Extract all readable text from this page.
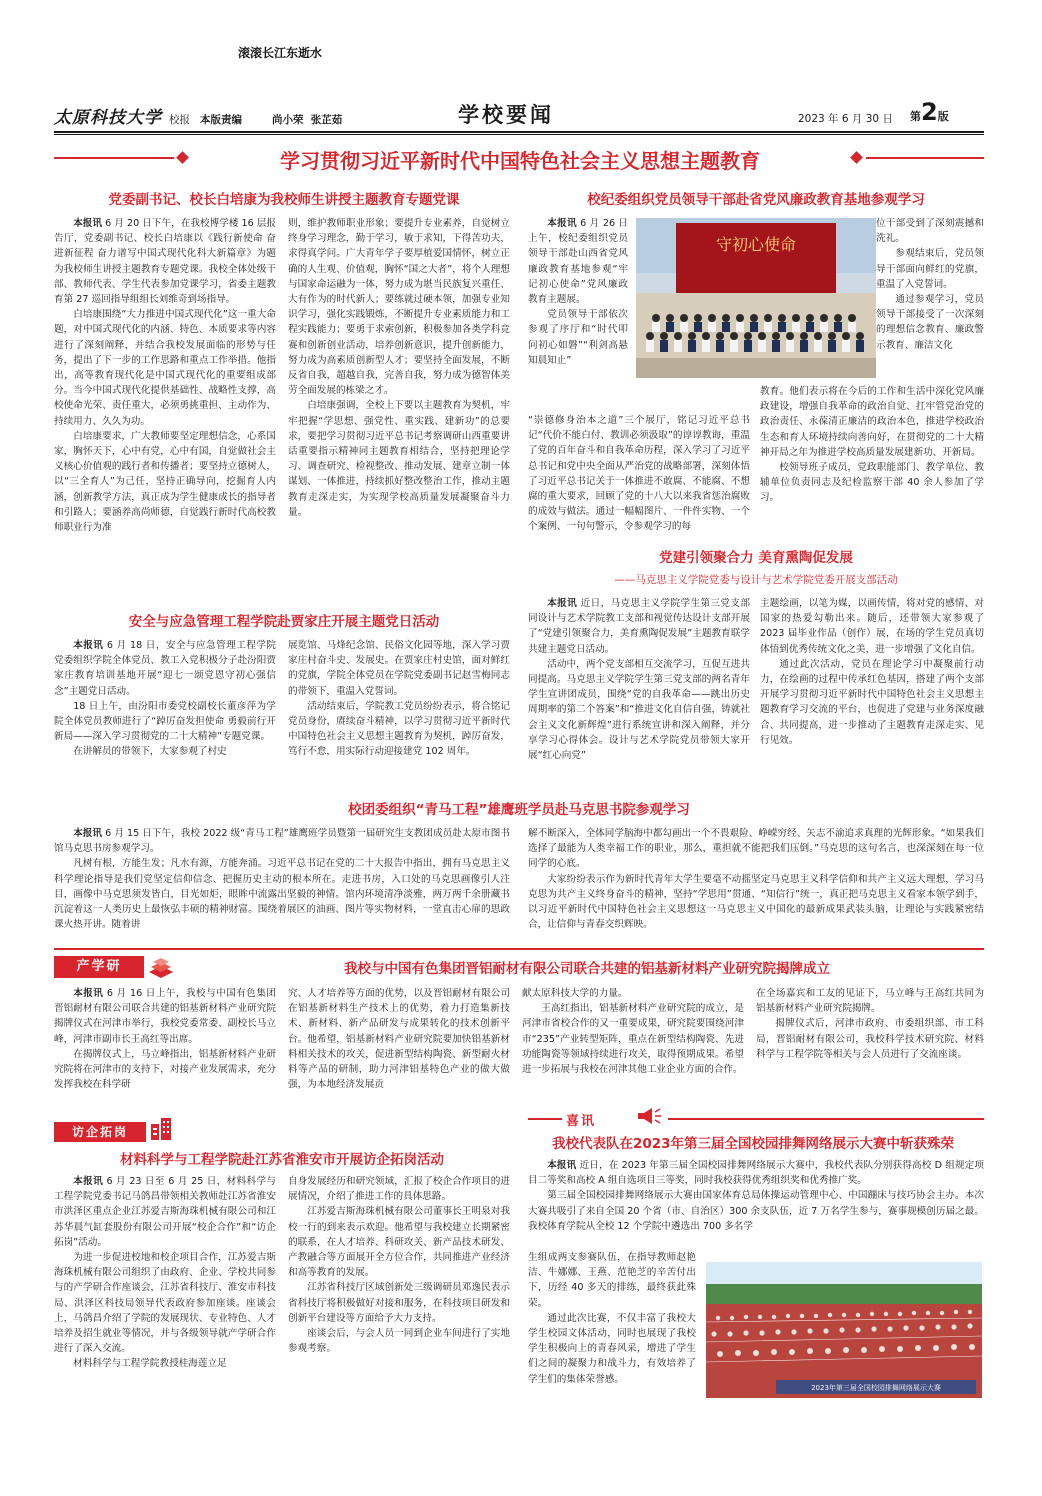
滚滚长江东逝水
太原科技大学 校报 本版责编	尚小荣  张芷茹	学校要闻	2023 年 6 月 30 日 第2版
学习贯彻习近平新时代中国特色社会主义思想主题教育
党委副书记、校长白培康为我校师生讲授主题教育专题党课

本报讯 6 月 20 日下午，在我校博学楼 16 层报告厅，党委副书记、校长白培康以《践行新使命 奋进新征程 奋力谱写中国式现代化科大新篇章》为题为我校师生讲授主题教育专题党课。我校全体处级干部、教师代表、学生代表参加党课学习，省委主题教育第 27 巡回指导组组长刘维奇到场指导。

白培康围绕“大力推进中国式现代化”这一重大命题，对中国式现代化的内涵、特色、本质要求等内容进行了深刻阐释，并结合我校发展面临的形势与任务，提出了下一步的工作思路和重点工作举措。他指出，高等教育现代化是中国式现代化的重要组成部分。当今中国式现代化提供基础性、战略性支撑，高校使命光荣、责任重大，必须勇挑重担、主动作为、持续用力、久久为功。

白培康要求，广大教师要坚定理想信念，心系国家，胸怀天下，心中有党，心中有国，自觉做社会主义核心价值观的践行者和传播者；要坚持立德树人，以“三全育人”为己任，坚持正确导向，挖掘育人内涵，创新教学方法，真正成为学生健康成长的指导者和引路人；要涵养高尚师德，自觉践行新时代高校教师职业行为准

则，维护教师职业形象；要提升专业素养，自觉树立终身学习理念，勤于学习，敏于求知，下得苦功夫，求得真学问。广大青年学子要厚植爱国情怀，树立正确的人生观、价值观，胸怀“国之大者”，将个人理想与国家命运融为一体，努力成为堪当民族复兴重任、大有作为的时代新人；要练就过硬本领，加强专业知识学习，强化实践锻炼，不断提升专业素质能力和工程实践能力；要勇于求索创新，积极参加各类学科竞赛和创新创业活动，培养创新意识，提升创新能力，努力成为高素质创新型人才；要坚持全面发展，不断反省自我，超越自我，完善自我，努力成为德智体美劳全面发展的栋梁之才。

白培康强调，全校上下要以主题教育为契机，牢牢把握“学思想、强党性、重实践、建新功”的总要求，要把学习贯彻习近平总书记考察调研山西重要讲话重要指示精神同主题教育相结合，坚持把理论学习、调查研究、检视整改、推动发展、建章立制一体谋划、一体推进，持续抓好整改整治工作，推动主题教育走深走实，为实现学校高质量发展凝聚奋斗力量。

校纪委组织党员领导干部赴省党风廉政教育基地参观学习

本报讯 6 月 26 日上午，校纪委组织党员领导干部赴山西省党风廉政教育基地参观“牢记初心使命”党风廉政教育主题展。

党员领导干部依次参观了序厅和“时代叩问初心如磐”“利剑高悬知晨知止”

守初心使命

位干部受到了深刻震撼和洗礼。

参观结束后，党员领导干部面向鲜红的党旗，重温了入党誓词。

通过参观学习，党员领导干部接受了一次深刻的理想信念教育、廉政警示教育、廉洁文化

“崇德修身治本之道”三个展厅，铭记习近平总书记“代价不能白付、教训必须汲取”的谆谆教诲，重温了党的百年奋斗和自我革命历程，深入学习了习近平总书记和党中央全面从严治党的战略部署，深刻体悟了习近平总书记关于一体推进不敢腐、不能腐、不想腐的重大要求，回顾了党的十八大以来我省惩治腐败的成效与做法。通过一幅幅图片、一件件实物、一个个案例、一句句警示，令参观学习的每

教育。他们表示将在今后的工作和生活中深化党风廉政建设，增强自我革命的政治自觉、扛牢管党治党的政治责任、永葆清正廉洁的政治本色，推进学校政治生态和育人环境持续向善向好，在贯彻党的二十大精神开局之年为推进学校高质量发展建新功、开新局。

校领导班子成员，党政职能部门、教学单位、教辅单位负责同志及纪检监察干部 40 余人参加了学习。

党建引领聚合力 美育熏陶促发展
——马克思主义学院党委与设计与艺术学院党委开展支部活动

本报讯 近日，马克思主义学院学生第三党支部同设计与艺术学院教工支部和视觉传达设计支部开展了“党建引领聚合力，美育熏陶促发展”主题教育联学共建主题党日活动。

活动中，两个党支部相互交流学习，互促互进共同提高。马克思主义学院学生第三党支部的两名青年学生宣讲团成员，围绕“党的自我革命——跳出历史周期率的第二个答案”和“推进文化自信自强，铸就社会主义文化新辉煌”进行系统宣讲和深入阐释，并分享学习心得体会。设计与艺术学院党员带领大家开展“红心向党”

主题绘画，以笔为媒，以画传情，将对党的感情、对国家的热爱勾勒出来。随后，还带领大家参观了 2023 届毕业作品（创作）展，在场的学生党员真切体悟到优秀传统文化之美，进一步增强了文化自信。

通过此次活动，党员在理论学习中凝聚前行动力，在绘画的过程中传承红色基因，搭建了两个支部开展学习贯彻习近平新时代中国特色社会主义思想主题教育学习交流的平台，也促进了党建与业务深度融合、共同提高，进一步推动了主题教育走深走实、见行见效。

安全与应急管理工程学院赴贾家庄开展主题党日活动

本报讯 6 月 18 日，安全与应急管理工程学院党委组织学院全体党员、教工入党积极分子赴汾阳贾家庄教育培训基地开展“迎七一颂党恩守初心强信念”主题党日活动。

18 日上午，由汾阳市委党校副校长董彦萍为学院全体党员教师进行了“踔厉奋发担使命 勇毅前行开新局——深入学习贯彻党的二十大精神”专题党课。

在讲解员的带领下，大家参观了村史

展览馆、马烽纪念馆、民俗文化园等地，深入学习贾家庄村奋斗史、发展史。在贾家庄村史馆，面对鲜红的党旗，学院全体党员在学院党委副书记赵雪梅同志的带领下，重温入党誓词。

活动结束后，学院教工党员纷纷表示，将合铭记党员身份，赓续奋斗精神，以学习贯彻习近平新时代中国特色社会主义思想主题教育为契机，踔厉奋发，笃行不怠，用实际行动迎接建党 102 周年。

校团委组织“青马工程”雄鹰班学员赴马克思书院参观学习

本报讯 6 月 15 日下午，我校 2022 级“青马工程”雄鹰班学员暨第一届研究生支教团成员赴太原市图书馆马克思书房参观学习。

凡树有根，方能生发；凡水有源，方能奔涌。习近平总书记在党的二十大报告中指出，拥有马克思主义科学理论指导是我们党坚定信仰信念、把握历史主动的根本所在。走进书房，入口处的马克思画像引人注目，画像中马克思须发皆白，目光如炬，眼眸中流露出坚毅的神情。馆内环境清净淡雅，两万两千余册藏书沉淀着这一人类历史上最恢弘丰硕的精神财富。围绕着展区的油画、图片等实物材料，一堂直击心扉的思政课火热开讲。随着讲

解不断深入，全体同学脑海中都勾画出一个不畏艰险、峥嵘穷经、矢志不渝追求真理的光辉形象。“如果我们选择了最能为人类幸福工作的职业，那么，重担就不能把我们压倒。”马克思的这句名言，也深深刻在每一位同学的心底。

大家纷纷表示作为新时代青年大学生要毫不动摇坚定马克思主义科学信仰和共产主义远大理想，学习马克思为共产主义终身奋斗的精神，坚持“学思用”贯通、“知信行”统一，真正把马克思主义看家本领学到手，以习近平新时代中国特色社会主义思想这一马克思主义中国化的最新成果武装头脑，让理论与实践紧密结合，让信仰与青春交织辉映。

产学研	我校与中国有色集团晋铝耐材有限公司联合共建的铝基新材料产业研究院揭牌成立

本报讯 6 月 16 日上午，我校与中国有色集团晋铝耐材有限公司联合共建的铝基新材料产业研究院揭牌仪式在河津市举行，我校党委常委、副校长马立峰，河津市副市长王高红等出席。

在揭牌仪式上，马立峰指出，铝基新材料产业研究院将在河津市的支持下，对接产业发展需求，充分发挥我校在科学研

究、人才培养等方面的优势，以及晋铝耐材有限公司在铝基新材料生产技术上的优势，着力打造集新技术、新材料、新产品研发与成果转化的技术创新平台。他希望，铝基新材料产业研究院要加快铝基新材料相关技术的攻关，促进新型结构陶瓷、新型耐火材料等产品的研制，助力河津铝基特色产业的做大做强，为本地经济发展贡

献太原科技大学的力量。

王高红指出，铝基新材料产业研究院的成立，是河津市省校合作的又一重要成果，研究院要围绕河津市“235”产业转型矩阵，重点在新型结构陶瓷、先进功能陶瓷等领域持续进行攻关，取得预期成果。希望进一步拓展与我校在河津其他工业企业方面的合作。

在全场嘉宾和工友的见证下，马立峰与王高红共同为铝基新材料产业研究院揭牌。

揭牌仪式后，河津市政府、市委组织部、市工科局，晋铝耐材有限公司，我校科学技术研究院、材料科学与工程学院等相关与会人员进行了交流座谈。

访企拓岗
材料科学与工程学院赴江苏省淮安市开展访企拓岗活动

本报讯 6 月 23 日至 6 月 25 日，材料科学与工程学院党委书记马鸽昌带领相关教师赴江苏省淮安市洪泽区重点企业江苏爱吉斯海珠机械有限公司和江苏华晨气缸套股份有限公司开展“校企合作”和“访企拓岗”活动。

为进一步促进校地和校企项目合作，江苏爱吉斯海珠机械有限公司组织了由政府、企业、学校共同参与的产学研合作座谈会，江苏省科技厅、淮安市科技局、洪泽区科技局领导代表政府参加座谈。座谈会上，马鸽昌介绍了学院的发展现状、专业特色、人才培养及招生就业等情况，并与各级领导就产学研合作进行了深入交流。

材料科学与工程学院教授桂海莲立足

自身发展经历和研究领域，汇报了校企合作项目的进展情况，介绍了推进工作的具体思路。

江苏爱吉斯海珠机械有限公司董事长王明泉对我校一行的到来表示欢迎。他希望与我校建立长期紧密的联系，在人才培养、科研攻关、新产品技术研发、产教融合等方面展开全方位合作，共同推进产业经济和高等教育的发展。

江苏省科技厅区域创新处三级调研员邓逸民表示省科技厅将积极做好对接和服务，在科技项目研发和创新平台建设等方面给予大力支持。

座谈会后，与会人员一同到企业车间进行了实地参观考察。

喜讯
我校代表队在2023年第三届全国校园排舞网络展示大赛中斩获殊荣

本报讯 近日，在 2023 年第三届全国校园排舞网络展示大赛中，我校代表队分别获得高校 D 组规定项目二等奖和高校 A 组自选项目三等奖，同时我校获得优秀组织奖和优秀推广奖。

第三届全国校园排舞网络展示大赛由国家体育总局体操运动管理中心、中国蹦床与技巧协会主办。本次大赛共吸引了来自全国 20 个省（市、自治区）300 余支队伍，近 7 万名学生参与，赛事规模创历届之最。我校体育学院从全校 12 个学院中遴选出 700 多名学

生组成两支参赛队伍，在指导教师赵艳洁、牛娜娜、王燕、范艳芝的辛苦付出下，历经 40 多天的排练，最终获此殊荣。

通过此次比赛，不仅丰富了我校大学生校园文体活动，同时也展现了我校学生积极向上的青春风采，增进了学生们之间的凝聚力和战斗力，有效培养了学生们的集体荣誉感。

2023年第三届全国校园排舞网络展示大赛
